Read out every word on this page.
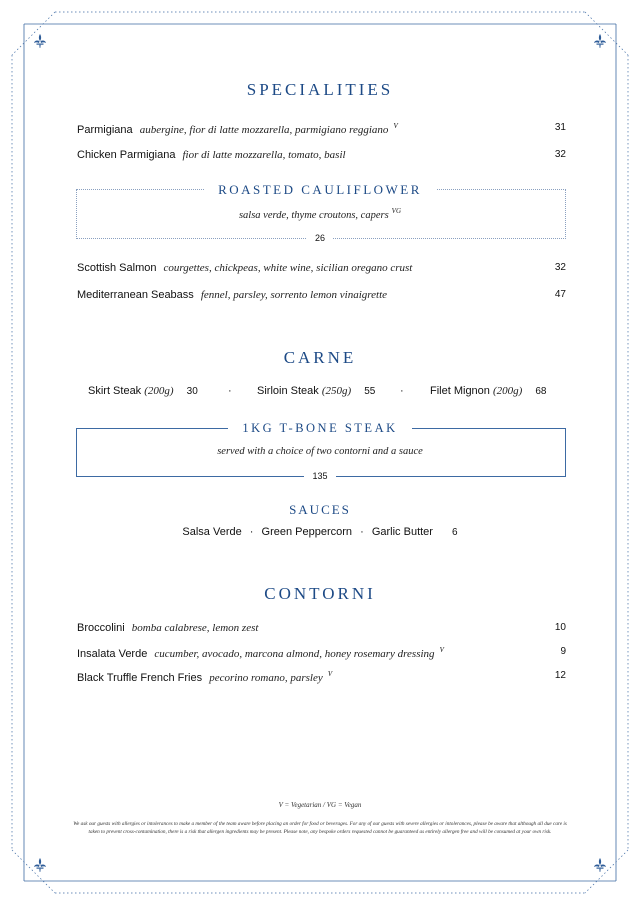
SPECIALITIES
Parmigiana aubergine, fior di latte mozzarella, parmigiano reggiano $^V$	31
Chicken Parmigiana fior di latte mozzarella, tomato, basil	32
ROASTED CAULIFLOWER
salsa verde, thyme croutons, capers $^{VG}$
26
Scottish Salmon courgettes, chickpeas, white wine, sicilian oregano crust	32
Mediterranean Seabass fennel, parsley, sorrento lemon vinaigrette	47
CARNE
Skirt Steak (200g) 30	· Sirloin Steak (250g) 55 · Filet Mignon (200g) 68
1KG T-BONE STEAK
served with a choice of two contorni and a sauce
135
SAUCES
Salsa Verde · Green Peppercorn · Garlic Butter 6
CONTORNI
Broccolini bomba calabrese, lemon zest	10
Insalata Verde cucumber, avocado, marcona almond, honey rosemary dressing $^V$	9
Black Truffle French Fries pecorino romano, parsley $^V$	12
V = Vegetarian / VG = Vegan
We ask our guests with allergies or intolerances to make a member of the team aware before placing an order for food or beverages. For any of our guests with severe allergies or intolerances, please be aware that although all due care is taken to prevent cross-contamination, there is a risk that allergen ingredients may be present. Please note, any bespoke orders requested cannot be guaranteed as entirely allergen free and will be consumed at your own risk.
